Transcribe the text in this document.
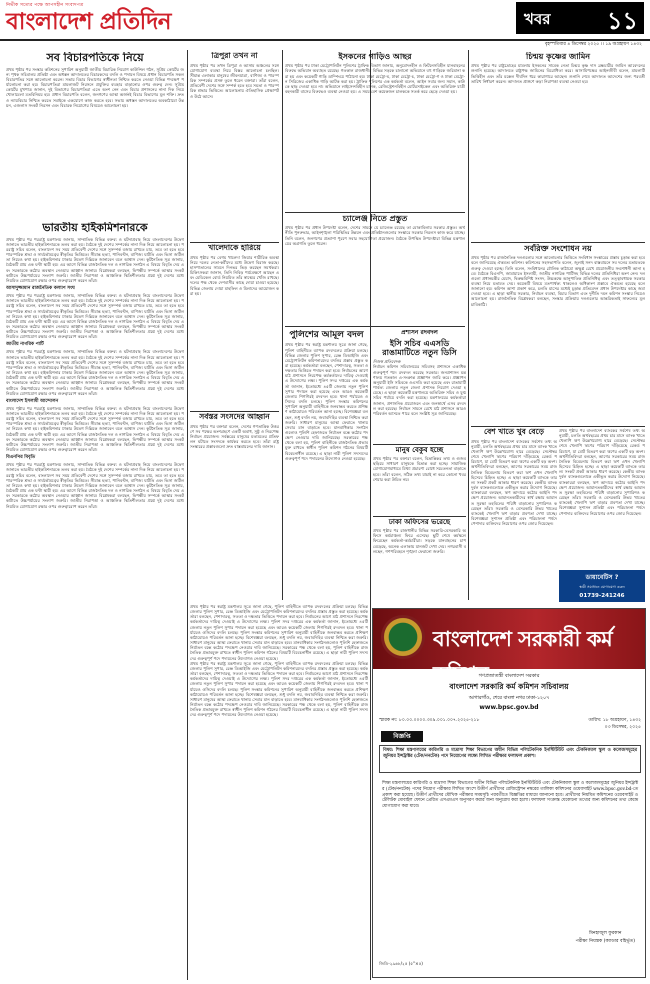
নির্ভীক সত্যের পক্ষে আপসহীন সংবাদপত্র
বাংলাদেশ প্রতিদিন	খবর ১১
বৃহস্পতিবার ৪ ডিসেম্বর ২০২৫ ।। ১৯ অগ্রহায়ণ ১৪৩২
সব বিচারপতিকে নিয়ে
প্রথম পৃষ্ঠার পর সংস্কার কমিশনের সুপারিশ অনুযায়ী জাতীয় বিচারিক নিয়োগ কাউন্সিল গঠন, সুপ্রিম কোর্টের জন্য পৃথক সচিবালয় প্রতিষ্ঠা এবং অধস্তন আদালতের বিচারকদের বদলি ও পদায়ন বিষয়ে প্রধান বিচারপতি সকল বিচারপতির সঙ্গে আলোচনা করেন। সভায় বিচার বিভাগের স্বাধীনতা নিশ্চিত করতে নেওয়া বিভিন্ন পদক্ষেপ পর্যালোচনা করা হয়। বিচারপতিরা মামলাজট নিরসনে প্রযুক্তির ব্যবহার বাড়ানোর ওপর গুরুত্ব দেন। সুপ্রিম কোর্টের মুখপাত্র জানান, দুই বিভাগের বিচারপতিরা এতে অংশ নেন এবং বিচার প্রশাসনের নানা দিক নিয়ে খোলামেলা মতবিনিময় হয়। প্রধান বিচারপতি বলেন, জনগণের আস্থা অর্জনই বিচার বিভাগের মূল শক্তি। দ্রুত ও ন্যায়বিচার নিশ্চিত করতে সবাইকে একযোগে কাজ করতে হবে। সভায় অধস্তন আদালতের অবকাঠামো উন্নয়ন, এজলাস সংকট নিরসন এবং বিচারক নিয়োগের বিষয়েও আলোচনা হয়।
ভারতীয় হাইকমিশনারকে
প্রথম পৃষ্ঠার পর পররাষ্ট্র মন্ত্রণালয় জানায়, সাম্প্রতিক বিভিন্ন বক্তব্য ও ঘটনাপ্রবাহ নিয়ে বাংলাদেশের উদ্বেগ জানাতে ভারতীয় হাইকমিশনারকে তলব করা হয়। বৈঠকে দুই দেশের সম্পর্কের নানা দিক নিয়ে আলোচনা হয়। পররাষ্ট্র সচিব বলেন, বাংলাদেশ সব সময় প্রতিবেশী দেশের সঙ্গে সুসম্পর্ক বজায় রাখতে চায়, তবে তা হতে হবে পারস্পরিক শ্রদ্ধা ও সার্বভৌমত্বের স্বীকৃতির ভিত্তিতে। সীমান্ত হত্যা, পানিবণ্টন, বাণিজ্য ঘাটতি এবং ভিসা জটিলতা নিয়েও কথা হয়। হাইকমিশনার ঢাকার উদ্বেগ দিল্লিকে জানাবেন বলে আশ্বাস দেন। কূটনৈতিক সূত্র জানায়, বৈঠকটি প্রায় এক ঘণ্টা স্থায়ী হয়। এর আগে বিভিন্ন রাজনৈতিক দল ও নাগরিক সংগঠন এ বিষয়ে বিবৃতি দেয় এবং সরকারকে কঠোর অবস্থান নেওয়ার আহ্বান জানায়। বিশ্লেষকরা বলছেন, দ্বিপক্ষীয় সম্পর্কে আস্থার সংকট কাটাতে উচ্চপর্যায়ের সংলাপ জরুরি। জাতীয় নিরাপত্তা ও আঞ্চলিক স্থিতিশীলতার প্রশ্নে দুই দেশের মধ্যে নিয়মিত যোগাযোগ রক্ষার ওপর গুরুত্বারোপ করেন তাঁরা।
আসাদুজ্জামান রাজনৈতিক কল্যাণ সংঘ
প্রথম পৃষ্ঠার পর পররাষ্ট্র মন্ত্রণালয় জানায়, সাম্প্রতিক বিভিন্ন বক্তব্য ও ঘটনাপ্রবাহ নিয়ে বাংলাদেশের উদ্বেগ জানাতে ভারতীয় হাইকমিশনারকে তলব করা হয়। বৈঠকে দুই দেশের সম্পর্কের নানা দিক নিয়ে আলোচনা হয়। পররাষ্ট্র সচিব বলেন, বাংলাদেশ সব সময় প্রতিবেশী দেশের সঙ্গে সুসম্পর্ক বজায় রাখতে চায়, তবে তা হতে হবে পারস্পরিক শ্রদ্ধা ও সার্বভৌমত্বের স্বীকৃতির ভিত্তিতে। সীমান্ত হত্যা, পানিবণ্টন, বাণিজ্য ঘাটতি এবং ভিসা জটিলতা নিয়েও কথা হয়। হাইকমিশনার ঢাকার উদ্বেগ দিল্লিকে জানাবেন বলে আশ্বাস দেন। কূটনৈতিক সূত্র জানায়, বৈঠকটি প্রায় এক ঘণ্টা স্থায়ী হয়। এর আগে বিভিন্ন রাজনৈতিক দল ও নাগরিক সংগঠন এ বিষয়ে বিবৃতি দেয় এবং সরকারকে কঠোর অবস্থান নেওয়ার আহ্বান জানায়। বিশ্লেষকরা বলছেন, দ্বিপক্ষীয় সম্পর্কে আস্থার সংকট কাটাতে উচ্চপর্যায়ের সংলাপ জরুরি। জাতীয় নিরাপত্তা ও আঞ্চলিক স্থিতিশীলতার প্রশ্নে দুই দেশের মধ্যে নিয়মিত যোগাযোগ রক্ষার ওপর গুরুত্বারোপ করেন তাঁরা।
জাতীয় নাগরিক পার্টি
প্রথম পৃষ্ঠার পর পররাষ্ট্র মন্ত্রণালয় জানায়, সাম্প্রতিক বিভিন্ন বক্তব্য ও ঘটনাপ্রবাহ নিয়ে বাংলাদেশের উদ্বেগ জানাতে ভারতীয় হাইকমিশনারকে তলব করা হয়। বৈঠকে দুই দেশের সম্পর্কের নানা দিক নিয়ে আলোচনা হয়। পররাষ্ট্র সচিব বলেন, বাংলাদেশ সব সময় প্রতিবেশী দেশের সঙ্গে সুসম্পর্ক বজায় রাখতে চায়, তবে তা হতে হবে পারস্পরিক শ্রদ্ধা ও সার্বভৌমত্বের স্বীকৃতির ভিত্তিতে। সীমান্ত হত্যা, পানিবণ্টন, বাণিজ্য ঘাটতি এবং ভিসা জটিলতা নিয়েও কথা হয়। হাইকমিশনার ঢাকার উদ্বেগ দিল্লিকে জানাবেন বলে আশ্বাস দেন। কূটনৈতিক সূত্র জানায়, বৈঠকটি প্রায় এক ঘণ্টা স্থায়ী হয়। এর আগে বিভিন্ন রাজনৈতিক দল ও নাগরিক সংগঠন এ বিষয়ে বিবৃতি দেয় এবং সরকারকে কঠোর অবস্থান নেওয়ার আহ্বান জানায়। বিশ্লেষকরা বলছেন, দ্বিপক্ষীয় সম্পর্কে আস্থার সংকট কাটাতে উচ্চপর্যায়ের সংলাপ জরুরি। জাতীয় নিরাপত্তা ও আঞ্চলিক স্থিতিশীলতার প্রশ্নে দুই দেশের মধ্যে নিয়মিত যোগাযোগ রক্ষার ওপর গুরুত্বারোপ করেন তাঁরা।
বাংলাদেশ ইসলামী আন্দোলন
প্রথম পৃষ্ঠার পর পররাষ্ট্র মন্ত্রণালয় জানায়, সাম্প্রতিক বিভিন্ন বক্তব্য ও ঘটনাপ্রবাহ নিয়ে বাংলাদেশের উদ্বেগ জানাতে ভারতীয় হাইকমিশনারকে তলব করা হয়। বৈঠকে দুই দেশের সম্পর্কের নানা দিক নিয়ে আলোচনা হয়। পররাষ্ট্র সচিব বলেন, বাংলাদেশ সব সময় প্রতিবেশী দেশের সঙ্গে সুসম্পর্ক বজায় রাখতে চায়, তবে তা হতে হবে পারস্পরিক শ্রদ্ধা ও সার্বভৌমত্বের স্বীকৃতির ভিত্তিতে। সীমান্ত হত্যা, পানিবণ্টন, বাণিজ্য ঘাটতি এবং ভিসা জটিলতা নিয়েও কথা হয়। হাইকমিশনার ঢাকার উদ্বেগ দিল্লিকে জানাবেন বলে আশ্বাস দেন। কূটনৈতিক সূত্র জানায়, বৈঠকটি প্রায় এক ঘণ্টা স্থায়ী হয়। এর আগে বিভিন্ন রাজনৈতিক দল ও নাগরিক সংগঠন এ বিষয়ে বিবৃতি দেয় এবং সরকারকে কঠোর অবস্থান নেওয়ার আহ্বান জানায়। বিশ্লেষকরা বলছেন, দ্বিপক্ষীয় সম্পর্কে আস্থার সংকট কাটাতে উচ্চপর্যায়ের সংলাপ জরুরি। জাতীয় নিরাপত্তা ও আঞ্চলিক স্থিতিশীলতার প্রশ্নে দুই দেশের মধ্যে নিয়মিত যোগাযোগ রক্ষার ওপর গুরুত্বারোপ করেন তাঁরা।
বিএনপির বিবৃতি
প্রথম পৃষ্ঠার পর পররাষ্ট্র মন্ত্রণালয় জানায়, সাম্প্রতিক বিভিন্ন বক্তব্য ও ঘটনাপ্রবাহ নিয়ে বাংলাদেশের উদ্বেগ জানাতে ভারতীয় হাইকমিশনারকে তলব করা হয়। বৈঠকে দুই দেশের সম্পর্কের নানা দিক নিয়ে আলোচনা হয়। পররাষ্ট্র সচিব বলেন, বাংলাদেশ সব সময় প্রতিবেশী দেশের সঙ্গে সুসম্পর্ক বজায় রাখতে চায়, তবে তা হতে হবে পারস্পরিক শ্রদ্ধা ও সার্বভৌমত্বের স্বীকৃতির ভিত্তিতে। সীমান্ত হত্যা, পানিবণ্টন, বাণিজ্য ঘাটতি এবং ভিসা জটিলতা নিয়েও কথা হয়। হাইকমিশনার ঢাকার উদ্বেগ দিল্লিকে জানাবেন বলে আশ্বাস দেন। কূটনৈতিক সূত্র জানায়, বৈঠকটি প্রায় এক ঘণ্টা স্থায়ী হয়। এর আগে বিভিন্ন রাজনৈতিক দল ও নাগরিক সংগঠন এ বিষয়ে বিবৃতি দেয় এবং সরকারকে কঠোর অবস্থান নেওয়ার আহ্বান জানায়। বিশ্লেষকরা বলছেন, দ্বিপক্ষীয় সম্পর্কে আস্থার সংকট কাটাতে উচ্চপর্যায়ের সংলাপ জরুরি। জাতীয় নিরাপত্তা ও আঞ্চলিক স্থিতিশীলতার প্রশ্নে দুই দেশের মধ্যে নিয়মিত যোগাযোগ রক্ষার ওপর গুরুত্বারোপ করেন তাঁরা।
ত্রিপুরা তখন না
প্রথম পৃষ্ঠার পর তখন ত্রিপুরা ও আসাম অঞ্চলের সঙ্গে যোগাযোগ ব্যবস্থা নিয়ে বিস্তর আলোচনা চলছিল। সীমান্ত এলাকার মানুষের জীবনযাত্রা, বাণিজ্য ও পারস্পরিক সম্পর্কের প্রসঙ্গ তুলে ধরেন বক্তারা। তাঁরা বলেন, প্রতিবেশী দেশের সঙ্গে সম্পর্ক হতে হবে সমতা ও পারস্পরিক শ্রদ্ধার ভিত্তিতে। আলোচনায় ঐতিহাসিক প্রেক্ষাপটও উঠে আসে।
খালেদাকে হারিয়ে
প্রথম পৃষ্ঠার পর বেগম খালেদা জিয়ার শারীরিক অবস্থা নিয়ে দলের নেতা-কর্মীদের মধ্যে উদ্বেগ বিরাজ করছে। হাসপাতালের সামনে দিনভর ভিড় করছেন সমর্থকরা। চিকিৎসকরা জানান, তিনি নিবিড় পর্যবেক্ষণে আছেন এবং মেডিকেল বোর্ড নিয়মিত তাঁর স্বাস্থ্যের খোঁজ রাখছে। দলের পক্ষ থেকে দেশবাসীর কাছে দোয়া চাওয়া হয়েছে। বিভিন্ন জেলায় দোয়া মাহফিল ও মিলাদের আয়োজন করা হয়।
সর্বস্তর সংসদের আহ্বান
প্রথম পৃষ্ঠার পর বক্তারা বলেন, দেশের গণতান্ত্রিক উত্তরণে সব পক্ষের অংশগ্রহণে একটি অবাধ, সুষ্ঠু ও নিরপেক্ষ নির্বাচন প্রয়োজন। সর্বস্তরের মানুষের মতামতের প্রতিফলন ঘটাতে সংসদকে কার্যকর করতে হবে। তাঁরা রাষ্ট্র সংস্কারের প্রস্তাবগুলো দ্রুত বাস্তবায়নের দাবি জানান।
ইসকনের গাড়িও আছর
প্রথম পৃষ্ঠার পর ঢাকা মেট্রোপলিটন পুলিশের ট্রাফিক বিভাগ জানায়, অনুমোদনহীন ও ফিটনেসবিহীন যানবাহনের বিরুদ্ধে অভিযান অব্যাহত রয়েছে। গতকাল রাজধানীর বিভিন্ন সড়কে চালানো অভিযানে বহু গাড়িকে জরিমানা করা হয় এবং কয়েকটি গাড়ি ডাম্পিংয়ে পাঠানো হয়। ঢাকা মেট্রো-ঘ, ঢাকা মেট্রো-চ, ঢাকা মেট্রো-গ ও ঢাকা মেট্রো-ন সিরিজের একাধিক গাড়ি আটক করা হয়। ট্রাফিক পুলিশের এক কর্মকর্তা বলেন, আইন সবার জন্য সমান, কাউকে ছাড় দেওয়া হবে না। অভিযানে লাইসেন্সবিহীন চালক, রেজিস্ট্রেশনবিহীন মোটরসাইকেল এবং অতিরিক্ত যাত্রী বহনকারী বাসের বিরুদ্ধেও ব্যবস্থা নেওয়া হয়। এ সময় বেশ কয়েকজন চালককে সতর্ক করে ছেড়ে দেওয়া হয়।
চ্যালেঞ্জ নিতে প্রস্তুত
প্রথম পৃষ্ঠার পর প্রধান উপদেষ্টা বলেন, দেশের সামনে যে চ্যালেঞ্জ রয়েছে তা মোকাবিলায় সরকার প্রস্তুত। অর্থনীতি পুনরুদ্ধার, আইনশৃঙ্খলা পরিস্থিতির উন্নয়ন এবং প্রতিষ্ঠানগুলোর সংস্কারে সরকার নিরলস কাজ করে যাচ্ছে। তিনি বলেন, জনগণের প্রত্যাশা পূরণে সবার সহযোগিতা প্রয়োজন। বৈঠকে উপস্থিত উপদেষ্টারা বিভিন্ন মন্ত্রণালয়ের অগ্রগতি তুলে ধরেন।
চিন্ময় কৃষ্ণের জামিন
প্রথম পৃষ্ঠার পর রাষ্ট্রদ্রোহের মামলায় ইসকনের সাবেক নেতা চিন্ময় কৃষ্ণ দাস ব্রহ্মচারীর জামিন আবেদনের শুনানি হয়েছে। আদালতে রাষ্ট্রপক্ষ জামিনের বিরোধিতা করে। আসামিপক্ষের আইনজীবী বলেন, মামলাটি ভিত্তিহীন এবং তাঁর মক্কেল দীর্ঘদিন ধরে কারাগারে আছেন। শুনানি শেষে আদালত আদেশের জন্য পরবর্তী তারিখ নির্ধারণ করেন। আদালত প্রাঙ্গণে কড়া নিরাপত্তা ব্যবস্থা নেওয়া হয়।
সর্বরিক্ত সংশোধন নয়
প্রথম পৃষ্ঠার পর রাজনৈতিক দলগুলোর সঙ্গে আলোচনার ভিত্তিতে সংবিধান সংস্কারের প্রস্তাব চূড়ান্ত করা হবে বলে জানিয়েছে ঐকমত্য কমিশন। কমিশনের সহসভাপতি বলেন, জুলাই সনদ বাস্তবায়নে সব দলের মতামতকে গুরুত্ব দেওয়া হচ্ছে। তিনি বলেন, সংবিধানের মৌলিক কাঠামো অক্ষুণ্ণ রেখে প্রয়োজনীয় সংশোধনী আনা হবে। বৈঠকে বিএনপি, জামায়াতে ইসলামী, জাতীয় নাগরিক পার্টিসহ বিভিন্ন দলের প্রতিনিধিরা অংশ নেন। দলগুলো প্রধানমন্ত্রীর মেয়াদ, দ্বিকক্ষবিশিষ্ট সংসদ, উচ্চকক্ষে আনুপাতিক প্রতিনিধিত্ব এবং তত্ত্বাবধায়ক সরকার ব্যবস্থা নিয়ে মতামত দেয়। কয়েকটি বিষয়ে মতপার্থক্য থাকলেও অধিকাংশ প্রস্তাবে ঐকমত্য হয়েছে বলে জানানো হয়। কমিশন আশা প্রকাশ করে, চলতি মাসের মধ্যেই চূড়ান্ত প্রতিবেদন প্রধান উপদেষ্টার কাছে জমা দেওয়া হবে। এ ছাড়া স্থানীয় সরকার, নির্বাচন ব্যবস্থা, বিচার বিভাগ এবং দুর্নীতি দমন কমিশন সংস্কার নিয়েও আলোচনা হয়। রাজনৈতিক বিশ্লেষকরা বলছেন, সংস্কার প্রক্রিয়ায় দলগুলোর আন্তরিকতাই সাফল্যের মূল চাবিকাঠি।
বেশ খাতে খুব বেড়ে
প্রথম পৃষ্ঠার পর বাংলাদেশ ব্যাংকের সর্বশেষ তথ্য অনুযায়ী, চলতি অর্থবছরের প্রথম চার মাসে ব্যাংক খাতে খেলাপি ঋণ উল্লেখযোগ্য হারে বেড়েছে। সেপ্টেম্বর শেষে খেলাপি ঋণের পরিমাণ দাঁড়িয়েছে রেকর্ড পরিমাণে, যা মোট বিতরণ করা ঋণের একটি বড় অংশ। অর্থনীতিবিদরা বলছেন, আগের সরকারের সময় রাজনৈতিক বিবেচনায় বিতরণ করা ঋণ এখন খেলাপি হিসেবে চিহ্নিত হচ্ছে। এ ছাড়া কয়েকটি ব্যাংকে তারল্য সংকট প্রকট আকার ধারণ করেছে। কেন্দ্রীয় ব্যাংক দুর্বল ব্যাংকগুলোকে একীভূত করার উদ্যোগ নিয়েছে। ব্যাংকাররা বলছেন, ঋণ আদায়ে কঠোর আইনি পদক্ষেপ প্রয়োজন। আমানতকারীদের স্বার্থ রক্ষায় আমানত সুরক্ষা তহবিলের পরিধি বাড়ানোর সুপারিশও করেছেন তাঁরা। সরকারি ও বেসরকারি উভয় খাতের ব্যাংকেই খেলাপি ঋণ বাড়ার প্রবণতা দেখা যাচ্ছে। বিশেষজ্ঞরা সুশাসন প্রতিষ্ঠা এবং পরিচালনা পর্ষদে পেশাদার ব্যক্তিদের নিয়োগের ওপর জোর দিয়েছেন।
প্রথম পৃষ্ঠার পর বাংলাদেশ ব্যাংকের সর্বশেষ তথ্য অনুযায়ী, চলতি অর্থবছরের প্রথম চার মাসে ব্যাংক খাতে খেলাপি ঋণ উল্লেখযোগ্য হারে বেড়েছে। সেপ্টেম্বর শেষে খেলাপি ঋণের পরিমাণ দাঁড়িয়েছে রেকর্ড পরিমাণে, যা মোট বিতরণ করা ঋণের একটি বড় অংশ। অর্থনীতিবিদরা বলছেন, আগের সরকারের সময় রাজনৈতিক বিবেচনায় বিতরণ করা ঋণ এখন খেলাপি হিসেবে চিহ্নিত হচ্ছে। এ ছাড়া কয়েকটি ব্যাংকে তারল্য সংকট প্রকট আকার ধারণ করেছে। কেন্দ্রীয় ব্যাংক দুর্বল ব্যাংকগুলোকে একীভূত করার উদ্যোগ নিয়েছে। ব্যাংকাররা বলছেন, ঋণ আদায়ে কঠোর আইনি পদক্ষেপ প্রয়োজন। আমানতকারীদের স্বার্থ রক্ষায় আমানত সুরক্ষা তহবিলের পরিধি বাড়ানোর সুপারিশও করেছেন তাঁরা। সরকারি ও বেসরকারি উভয় খাতের ব্যাংকেই খেলাপি ঋণ বাড়ার প্রবণতা দেখা যাচ্ছে। বিশেষজ্ঞরা সুশাসন প্রতিষ্ঠা এবং পরিচালনা পর্ষদে পেশাদার ব্যক্তিদের নিয়োগের ওপর জোর দিয়েছেন।
ডায়াবেটিস ?
স্থায়ী সমাধানে যোগাযোগ করুন
01739-241246
পুলিশের আমূল বদল
প্রথম পৃষ্ঠার পর স্বরাষ্ট্র মন্ত্রণালয় সূত্রে জানা গেছে, পুলিশ বাহিনীতে ব্যাপক রদবদলের প্রক্রিয়া চলছে। বিভিন্ন জেলার পুলিশ সুপার, রেঞ্জ ডিআইজি এবং মেট্রোপলিটন কমিশনারদের বদলির প্রস্তাব প্রস্তুত করা হয়েছে। কর্মকর্তারা বলছেন, পেশাদারত্ব, সততা ও দক্ষতার ভিত্তিতে পদায়ন করা হবে। নির্বাচনের আগে মাঠ প্রশাসনে নিরপেক্ষ কর্মকর্তাদের দায়িত্ব দেওয়াই এ উদ্যোগের লক্ষ্য। পুলিশ সদর দপ্তরের এক কর্মকর্তা জানান, ইতোমধ্যে ৪৫টি জেলায় নতুন পুলিশ সুপার পদায়ন করা হয়েছে এবং আরও কয়েকটি জেলায় শিগগিরই রদবদল হবে। থানা পর্যায়েও ওসিদের বদলি চলছে। পুলিশ সংস্কার কমিশনের সুপারিশ অনুযায়ী বাহিনীকে জনবান্ধব করতে প্রশিক্ষণ কাঠামোয়ও পরিবর্তন আনা হচ্ছে। বিশেষজ্ঞরা বলছেন, শুধু বদলি নয়, জবাবদিহির ব্যবস্থা নিশ্চিত করা জরুরি। সাধারণ মানুষের আস্থা ফেরাতে থানায় সেবার মান বাড়াতে হবে। মানবাধিকার সংগঠনগুলোও পুলিশি হেফাজতে নির্যাতন বন্ধে কঠোর পদক্ষেপ নেওয়ার দাবি জানিয়েছে। সরকারের পক্ষ থেকে বলা হয়, পুলিশ বাহিনীকে রাজনৈতিক প্রভাবমুক্ত রাখতে স্বাধীন পুলিশ কমিশন গঠনের বিষয়টি বিবেচনাধীন রয়েছে। এ ছাড়া নারী পুলিশ সদস্যদের গুরুত্বপূর্ণ পদে পদায়নের উদ্যোগও নেওয়া হয়েছে।
প্রথম পৃষ্ঠার পর স্বরাষ্ট্র মন্ত্রণালয় সূত্রে জানা গেছে, পুলিশ বাহিনীতে ব্যাপক রদবদলের প্রক্রিয়া চলছে। বিভিন্ন জেলার পুলিশ সুপার, রেঞ্জ ডিআইজি এবং মেট্রোপলিটন কমিশনারদের বদলির প্রস্তাব প্রস্তুত করা হয়েছে। কর্মকর্তারা বলছেন, পেশাদারত্ব, সততা ও দক্ষতার ভিত্তিতে পদায়ন করা হবে। নির্বাচনের আগে মাঠ প্রশাসনে নিরপেক্ষ কর্মকর্তাদের দায়িত্ব দেওয়াই এ উদ্যোগের লক্ষ্য। পুলিশ সদর দপ্তরের এক কর্মকর্তা জানান, ইতোমধ্যে ৪৫টি জেলায় নতুন পুলিশ সুপার পদায়ন করা হয়েছে এবং আরও কয়েকটি জেলায় শিগগিরই রদবদল হবে। থানা পর্যায়েও ওসিদের বদলি চলছে। পুলিশ সংস্কার কমিশনের সুপারিশ অনুযায়ী বাহিনীকে জনবান্ধব করতে প্রশিক্ষণ কাঠামোয়ও পরিবর্তন আনা হচ্ছে। বিশেষজ্ঞরা বলছেন, শুধু বদলি নয়, জবাবদিহির ব্যবস্থা নিশ্চিত করা জরুরি। সাধারণ মানুষের আস্থা ফেরাতে থানায় সেবার মান বাড়াতে হবে। মানবাধিকার সংগঠনগুলোও পুলিশি হেফাজতে নির্যাতন বন্ধে কঠোর পদক্ষেপ নেওয়ার দাবি জানিয়েছে। সরকারের পক্ষ থেকে বলা হয়, পুলিশ বাহিনীকে রাজনৈতিক প্রভাবমুক্ত রাখতে স্বাধীন পুলিশ কমিশন গঠনের বিষয়টি বিবেচনাধীন রয়েছে। এ ছাড়া নারী পুলিশ সদস্যদের গুরুত্বপূর্ণ পদে পদায়নের উদ্যোগও নেওয়া হয়েছে।
প্রথম পৃষ্ঠার পর স্বরাষ্ট্র মন্ত্রণালয় সূত্রে জানা গেছে, পুলিশ বাহিনীতে ব্যাপক রদবদলের প্রক্রিয়া চলছে। বিভিন্ন জেলার পুলিশ সুপার, রেঞ্জ ডিআইজি এবং মেট্রোপলিটন কমিশনারদের বদলির প্রস্তাব প্রস্তুত করা হয়েছে। কর্মকর্তারা বলছেন, পেশাদারত্ব, সততা ও দক্ষতার ভিত্তিতে পদায়ন করা হবে। নির্বাচনের আগে মাঠ প্রশাসনে নিরপেক্ষ কর্মকর্তাদের দায়িত্ব দেওয়াই এ উদ্যোগের লক্ষ্য। পুলিশ সদর দপ্তরের এক কর্মকর্তা জানান, ইতোমধ্যে ৪৫টি জেলায় নতুন পুলিশ সুপার পদায়ন করা হয়েছে এবং আরও কয়েকটি জেলায় শিগগিরই রদবদল হবে। থানা পর্যায়েও ওসিদের বদলি চলছে। পুলিশ সংস্কার কমিশনের সুপারিশ অনুযায়ী বাহিনীকে জনবান্ধব করতে প্রশিক্ষণ কাঠামোয়ও পরিবর্তন আনা হচ্ছে। বিশেষজ্ঞরা বলছেন, শুধু বদলি নয়, জবাবদিহির ব্যবস্থা নিশ্চিত করা জরুরি। সাধারণ মানুষের আস্থা ফেরাতে থানায় সেবার মান বাড়াতে হবে। মানবাধিকার সংগঠনগুলোও পুলিশি হেফাজতে নির্যাতন বন্ধে কঠোর পদক্ষেপ নেওয়ার দাবি জানিয়েছে। সরকারের পক্ষ থেকে বলা হয়, পুলিশ বাহিনীকে রাজনৈতিক প্রভাবমুক্ত রাখতে স্বাধীন পুলিশ কমিশন গঠনের বিষয়টি বিবেচনাধীন রয়েছে। এ ছাড়া নারী পুলিশ সদস্যদের গুরুত্বপূর্ণ পদে পদায়নের উদ্যোগও নেওয়া হয়েছে।
প্রশাসন রদবদল
ইসি সচিব এএসডি রাঙামাটিতে নতুন ডিসি
নিজস্ব প্রতিবেদক
নির্বাচন কমিশন সচিবালয়ের সচিবসহ প্রশাসনে একাধিক গুরুত্বপূর্ণ পদে রদবদল করেছে সরকার। জনপ্রশাসন মন্ত্রণালয় গতকাল এ-সংক্রান্ত প্রজ্ঞাপন জারি করে। প্রজ্ঞাপন অনুযায়ী ইসি সচিবকে ওএসডি করা হয়েছে এবং রাঙামাটি পার্বত্য জেলায় নতুন জেলা প্রশাসক নিয়োগ দেওয়া হয়েছে। এ ছাড়া কয়েকটি মন্ত্রণালয়ে অতিরিক্ত সচিব ও যুগ্ম সচিব পর্যায়ে বদলি করা হয়েছে। মন্ত্রণালয়ের কর্মকর্তারা জানান, প্রশাসনিক প্রয়োজনে এবং জনস্বার্থে এসব রদবদল করা হয়েছে। নির্বাচন সামনে রেখে মাঠ প্রশাসনে আরও পরিবর্তন আসতে পারে বলে সংশ্লিষ্ট সূত্র জানিয়েছে।
মানুষ বেকুব হচ্ছে
প্রথম পৃষ্ঠার পর বক্তারা বলেন, বিভ্রান্তিকর তথ্য ও গুজব ছড়িয়ে সাধারণ মানুষকে বিভ্রান্ত করা হচ্ছে। সামাজিক যোগাযোগমাধ্যমে মিথ্যা প্রচারণা রোধে সচেতনতা বাড়াতে হবে। তাঁরা বলেন, সঠিক তথ্য যাচাই না করে কোনো খবর শেয়ার করা উচিত নয়।
ঢাকা অফিসের ভরেছে
প্রথম পৃষ্ঠার পর রাজধানীর বিভিন্ন সরকারি-বেসরকারি অফিসে কর্মচাঞ্চল্য ফিরে এসেছে। ছুটি শেষে কর্মস্থলে ফিরেছেন কর্মকর্তা-কর্মচারীরা। সড়কে যানবাহনের চাপ বেড়েছে, অনেক এলাকায় যানজট দেখা দেয়। নগরবাসী বলছেন, গণপরিবহনে শৃঙ্খলা ফেরানো জরুরি।
বাংলাদেশ সরকারী কর্ম কমিশন
গণপ্রজাতন্ত্রী বাংলাদেশ সরকার
বাংলাদেশ সরকারি কর্ম কমিশন সচিবালয়
আগারগাঁও, শেরে বাংলা নগর ঢাকা-১২০৭
www.bpsc.gov.bd
স্মারক নং: ৮০.০০.০০০০.৩০৯.০০১.০০৭.২০২৫-২১৮	তারিখ: ১৮ অগ্রহায়ণ, ১৪৩২
০৩ ডিসেম্বর, ২০২৫
বিজ্ঞপ্তি
বিষয়: শিক্ষা মন্ত্রণালয়ের কারিগরি ও মাদ্রাসা শিক্ষা বিভাগের অধীন বিভিন্ন পলিটেকনিক ইনস্টিটিউট এবং টেকনিক্যাল স্কুল ও কলেজসমূহের জুনিয়র ইন্সট্রাক্টর (টেক/ননটেক) পদে নিয়োগের লক্ষ্যে লিখিত পরীক্ষার ফলাফল প্রকাশ।
শিক্ষা মন্ত্রণালয়ের কারিগরি ও মাদ্রাসা শিক্ষা বিভাগের অধীন বিভিন্ন পলিটেকনিক ইনস্টিটিউট এবং টেকনিক্যাল স্কুল ও কলেজসমূহের জুনিয়র ইন্সট্রাক্টর (টেক/ননটেক) পদের নিয়োগ পরীক্ষার লিখিত অংশে উত্তীর্ণ প্রার্থীদের রেজিস্ট্রেশন নম্বরের তালিকা কমিশনের ওয়েবসাইট www.bpsc.gov.bd-তে প্রকাশ করা হয়েছে। উত্তীর্ণ প্রার্থীদের মৌখিক পরীক্ষার সময়সূচি পরবর্তীতে বিজ্ঞপ্তির মাধ্যমে জানানো হবে। প্রার্থীদের নিয়মিত কমিশনের ওয়েবসাইট ও টেলিটক মোবাইল ফোনে প্রেরিত এসএমএস অনুসরণ করার জন্য অনুরোধ করা হলো। ফলাফল সংক্রান্ত যেকোনো তথ্যের জন্য কমিশনের তথ্য কেন্দ্রে যোগাযোগ করা যাবে।
মিনহাজুল ফুরকান
পরীক্ষা নিয়ন্ত্রক (ক্যাডার বহির্ভূত)
জিডি-২৯৬৮/২৫ (৫"×৫)
